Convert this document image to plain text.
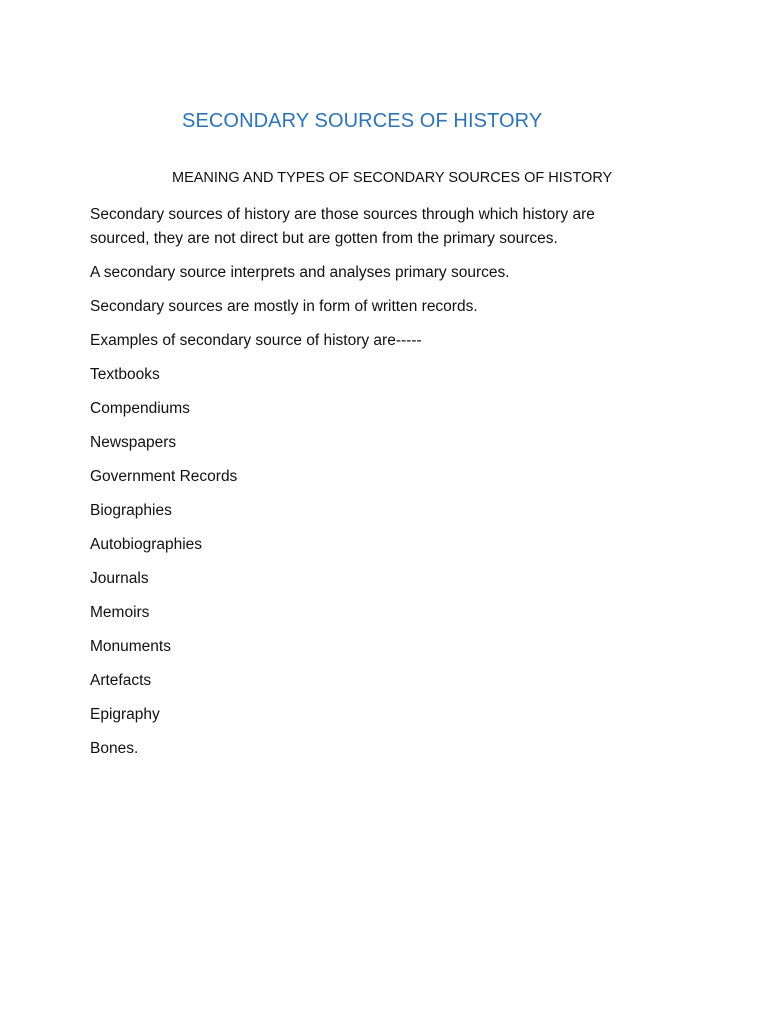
SECONDARY SOURCES OF HISTORY
MEANING AND TYPES OF SECONDARY SOURCES OF HISTORY

Secondary sources of history are those sources through which history are sourced, they are not direct but are gotten from the primary sources.

A secondary source interprets and analyses primary sources.

Secondary sources are mostly in form of written records.

Examples of secondary source of history are-----

Textbooks
Compendiums
Newspapers
Government Records
Biographies
Autobiographies
Journals
Memoirs
Monuments
Artefacts
Epigraphy
Bones.
